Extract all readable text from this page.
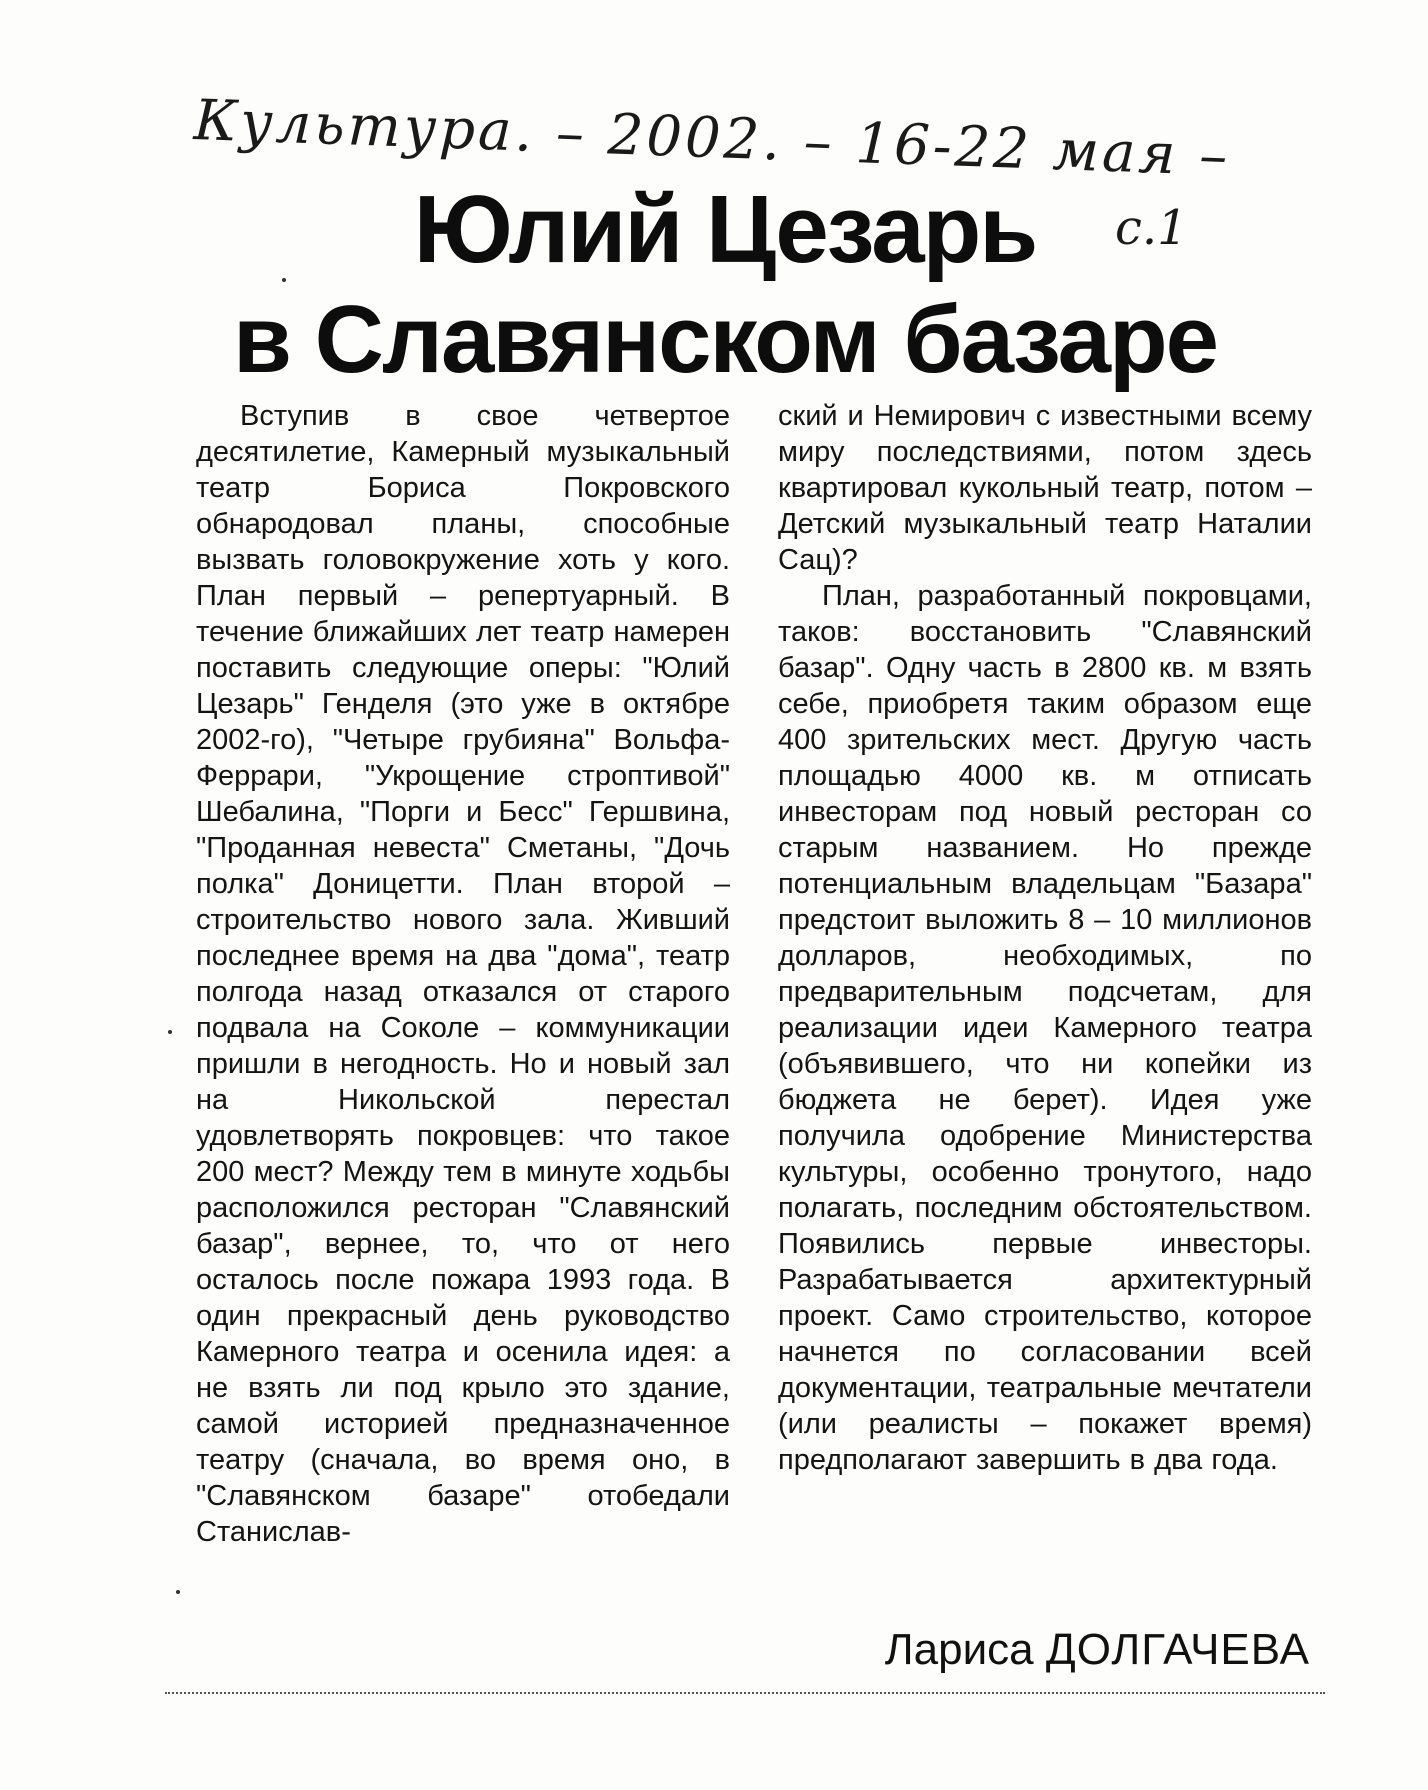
Культура. – 2002. – 16-22 мая –
с.1
Юлий Цезарь
в Славянском базаре

Вступив в свое четвертое десятилетие, Камерный музыкальный театр Бориса Покровского обнародовал планы, способные вызвать головокружение хоть у кого. План первый – репертуарный. В течение ближайших лет театр намерен поставить следующие оперы: "Юлий Цезарь" Генделя (это уже в октябре 2002-го), "Четыре грубияна" Вольфа-Феррари, "Укрощение строптивой" Шебалина, "Порги и Бесс" Гершвина, "Проданная невеста" Сметаны, "Дочь полка" Доницетти. План второй – строительство нового зала. Живший последнее время на два "дома", театр полгода назад отказался от старого подвала на Соколе – коммуникации пришли в негодность. Но и новый зал на Никольской перестал удовлетворять покровцев: что такое 200 мест? Между тем в минуте ходьбы расположился ресторан "Славянский базар", вернее, то, что от него осталось после пожара 1993 года. В один прекрасный день руководство Камерного театра и осенила идея: а не взять ли под крыло это здание, самой историей предназначенное театру (сначала, во время оно, в "Славянском базаре" отобедали Станислав-

ский и Немирович с известными всему миру последствиями, потом здесь квартировал кукольный театр, потом – Детский музыкальный театр Наталии Сац)?

План, разработанный покровцами, таков: восстановить "Славянский базар". Одну часть в 2800 кв. м взять себе, приобретя таким образом еще 400 зрительских мест. Другую часть площадью 4000 кв. м отписать инвесторам под новый ресторан со старым названием. Но прежде потенциальным владельцам "Базара" предстоит выложить 8 – 10 миллионов долларов, необходимых, по предварительным подсчетам, для реализации идеи Камерного театра (объявившего, что ни копейки из бюджета не берет). Идея уже получила одобрение Министерства культуры, особенно тронутого, надо полагать, последним обстоятельством. Появились первые инвесторы. Разрабатывается архитектурный проект. Само строительство, которое начнется по согласовании всей документации, театральные мечтатели (или реалисты – покажет время) предполагают завершить в два года.

Лариса ДОЛГАЧЕВА
